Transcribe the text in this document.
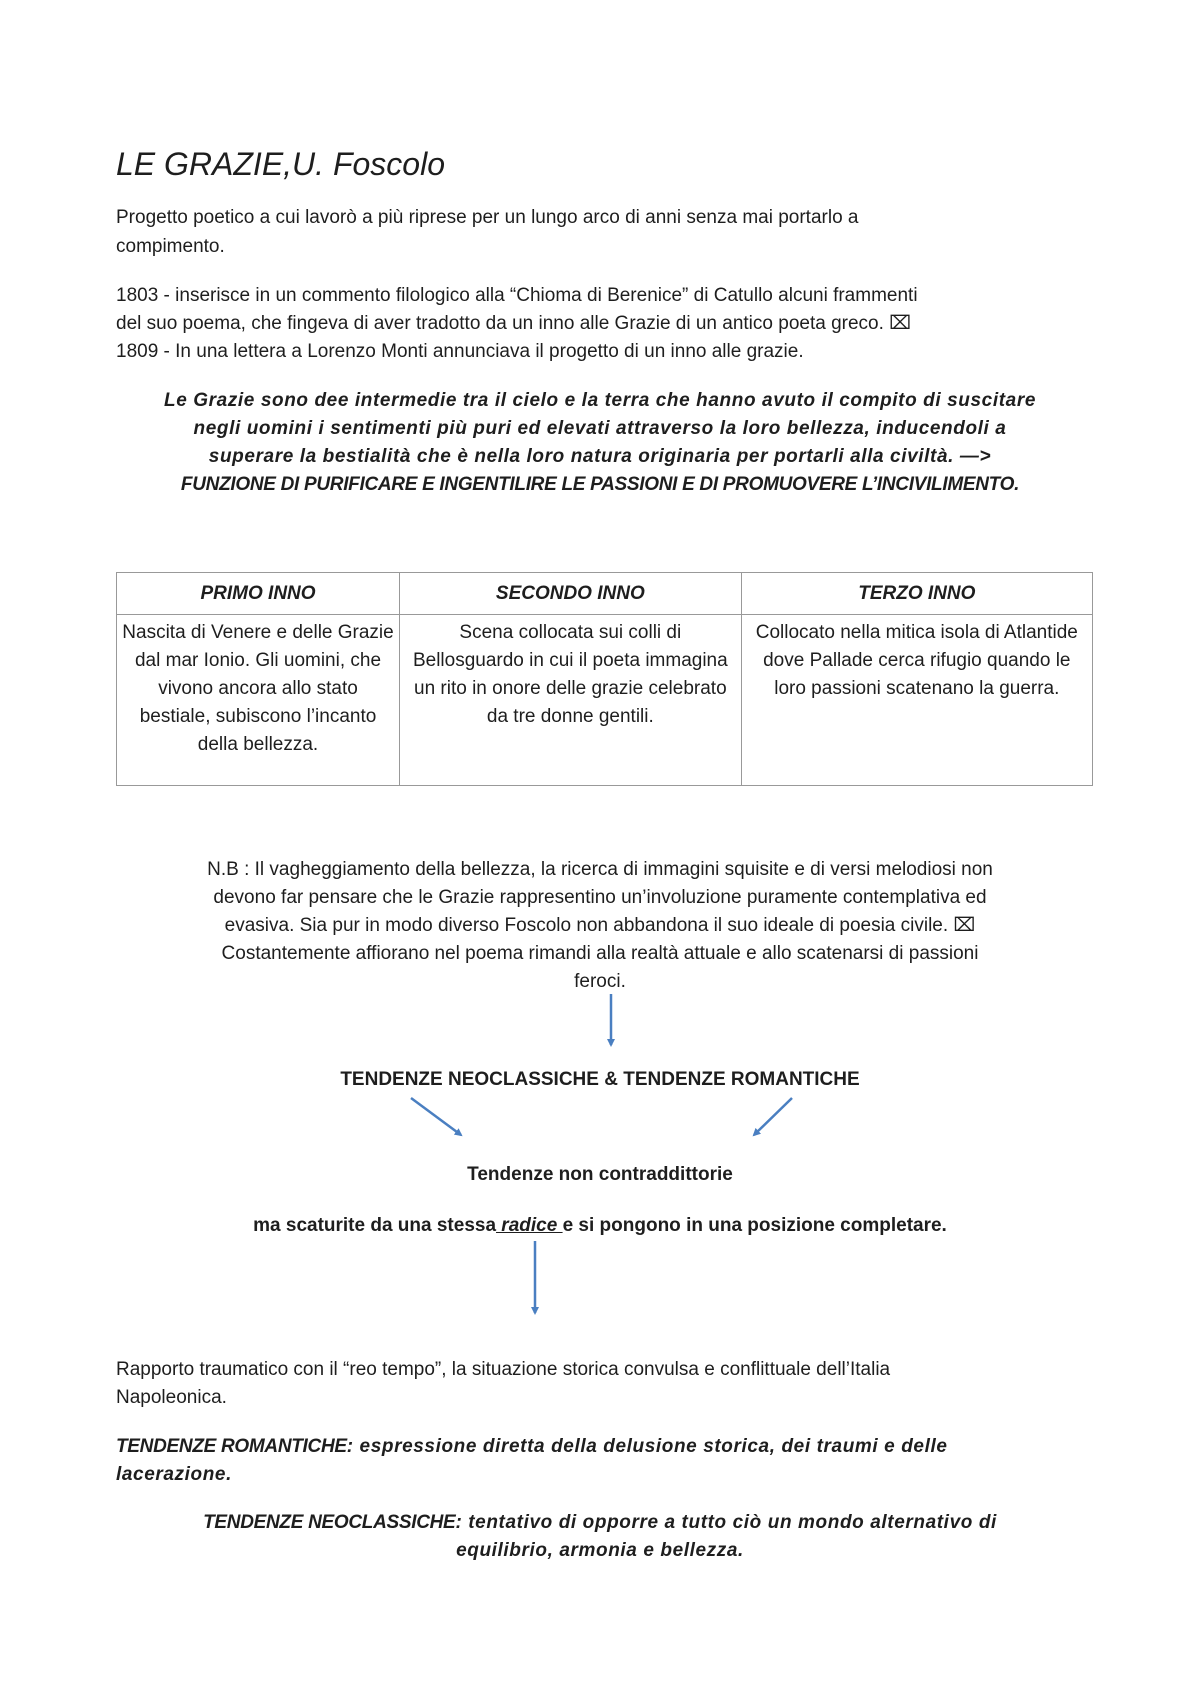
LE GRAZIE,U. Foscolo
Progetto poetico a cui lavorò a più riprese per un lungo arco di anni senza mai portarlo a
compimento.
1803 - inserisce in un commento filologico alla “Chioma di Berenice” di Catullo alcuni frammenti
del suo poema, che fingeva di aver tradotto da un inno alle Grazie di un antico poeta greco. ⌧
1809 - In una lettera a Lorenzo Monti annunciava il progetto di un inno alle grazie.
Le Grazie sono dee intermedie tra il cielo e la terra che hanno avuto il compito di suscitare
negli uomini i sentimenti più puri ed elevati attraverso la loro bellezza, inducendoli a
superare la bestialità che è nella loro natura originaria per portarli alla civiltà. —>
FUNZIONE DI PURIFICARE E INGENTILIRE LE PASSIONI E DI PROMUOVERE L’INCIVILIMENTO.
PRIMO INNO	SECONDO INNO	TERZO INNO
Nascita di Venere e delle Grazie dal mar Ionio. Gli uomini, che vivono ancora allo stato bestiale, subiscono l’incanto della bellezza.	Scena collocata sui colli di Bellosguardo in cui il poeta immagina un rito in onore delle grazie celebrato da tre donne gentili.	Collocato nella mitica isola di Atlantide dove Pallade cerca rifugio quando le loro passioni scatenano la guerra.
N.B : Il vagheggiamento della bellezza, la ricerca di immagini squisite e di versi melodiosi non
devono far pensare che le Grazie rappresentino un’involuzione puramente contemplativa ed
evasiva. Sia pur in modo diverso Foscolo non abbandona il suo ideale di poesia civile. ⌧
Costantemente affiorano nel poema rimandi alla realtà attuale e allo scatenarsi di passioni
feroci.
TENDENZE NEOCLASSICHE & TENDENZE ROMANTICHE
Tendenze non contraddittorie
ma scaturite da una stessa radice e si pongono in una posizione completare.
Rapporto traumatico con il “reo tempo”, la situazione storica convulsa e conflittuale dell’Italia
Napoleonica.
TENDENZE ROMANTICHE: espressione diretta della delusione storica, dei traumi e delle
lacerazione.
TENDENZE NEOCLASSICHE: tentativo di opporre a tutto ciò un mondo alternativo di
equilibrio, armonia e bellezza.
